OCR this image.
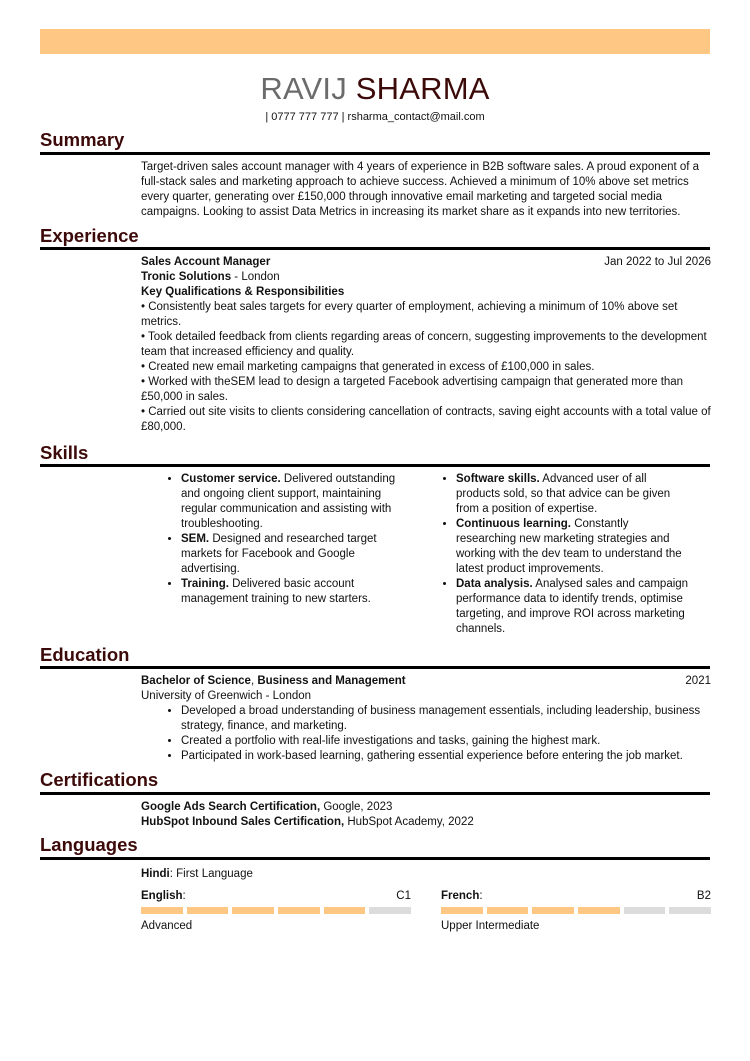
RAVIJ SHARMA
| 0777 777 777 | rsharma_contact@mail.com
Summary
Target-driven sales account manager with 4 years of experience in B2B software sales. A proud exponent of a full-stack sales and marketing approach to achieve success. Achieved a minimum of 10% above set metrics every quarter, generating over £150,000 through innovative email marketing and targeted social media campaigns. Looking to assist Data Metrics in increasing its market share as it expands into new territories.
Experience
Sales Account Manager	Jan 2022 to Jul 2026
Tronic Solutions - London
Key Qualifications & Responsibilities
• Consistently beat sales targets for every quarter of employment, achieving a minimum of 10% above set metrics.
• Took detailed feedback from clients regarding areas of concern, suggesting improvements to the development team that increased efficiency and quality.
• Created new email marketing campaigns that generated in excess of £100,000 in sales.
• Worked with theSEM lead to design a targeted Facebook advertising campaign that generated more than £50,000 in sales.
• Carried out site visits to clients considering cancellation of contracts, saving eight accounts with a total value of £80,000.
Skills
• Customer service. Delivered outstanding and ongoing client support, maintaining regular communication and assisting with troubleshooting.
• SEM. Designed and researched target markets for Facebook and Google advertising.
• Training. Delivered basic account management training to new starters.
• Software skills. Advanced user of all products sold, so that advice can be given from a position of expertise.
• Continuous learning. Constantly researching new marketing strategies and working with the dev team to understand the latest product improvements.
• Data analysis. Analysed sales and campaign performance data to identify trends, optimise targeting, and improve ROI across marketing channels.
Education
Bachelor of Science, Business and Management	2021
University of Greenwich - London
• Developed a broad understanding of business management essentials, including leadership, business strategy, finance, and marketing.
• Created a portfolio with real-life investigations and tasks, gaining the highest mark.
• Participated in work-based learning, gathering essential experience before entering the job market.
Certifications
Google Ads Search Certification, Google, 2023
HubSpot Inbound Sales Certification, HubSpot Academy, 2022
Languages
Hindi: First Language
English:	C1
Advanced
French:	B2
Upper Intermediate
